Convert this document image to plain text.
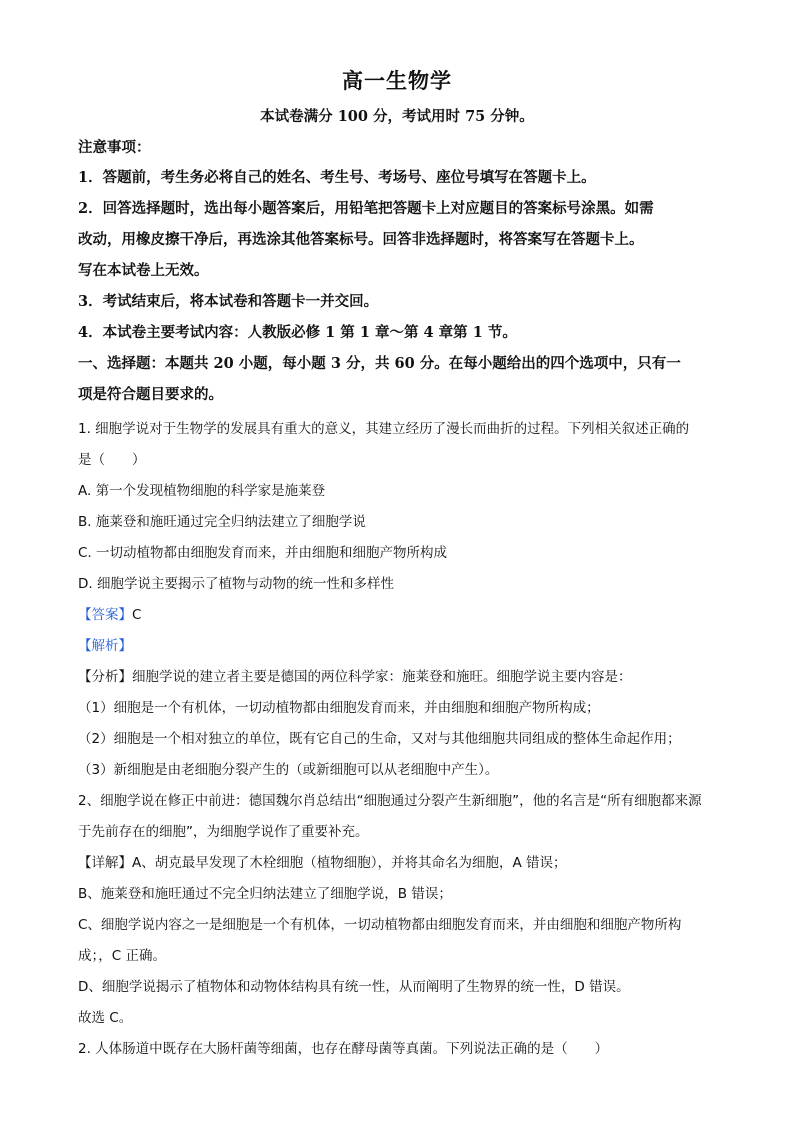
高一生物学
本试卷满分 100 分，考试用时 75 分钟。
注意事项：
1．答题前，考生务必将自己的姓名、考生号、考场号、座位号填写在答题卡上。
2．回答选择题时，选出每小题答案后，用铅笔把答题卡上对应题目的答案标号涂黑。如需
改动，用橡皮擦干净后，再选涂其他答案标号。回答非选择题时，将答案写在答题卡上。
写在本试卷上无效。
3．考试结束后，将本试卷和答题卡一并交回。
4．本试卷主要考试内容：人教版必修 1 第 1 章～第 4 章第 1 节。
一、选择题：本题共 20 小题，每小题 3 分，共 60 分。在每小题给出的四个选项中，只有一
项是符合题目要求的。
1. 细胞学说对于生物学的发展具有重大的意义，其建立经历了漫长而曲折的过程。下列相关叙述正确的
是（　　）
A. 第一个发现植物细胞的科学家是施莱登
B. 施莱登和施旺通过完全归纳法建立了细胞学说
C. 一切动植物都由细胞发育而来，并由细胞和细胞产物所构成
D. 细胞学说主要揭示了植物与动物的统一性和多样性
【答案】C
【解析】
【分析】细胞学说的建立者主要是德国的两位科学家：施莱登和施旺。细胞学说主要内容是：
（1）细胞是一个有机体，一切动植物都由细胞发育而来，并由细胞和细胞产物所构成；
（2）细胞是一个相对独立的单位，既有它自己的生命，又对与其他细胞共同组成的整体生命起作用；
（3）新细胞是由老细胞分裂产生的（或新细胞可以从老细胞中产生）。
2、细胞学说在修正中前进：德国魏尔肖总结出“细胞通过分裂产生新细胞”，他的名言是“所有细胞都来源
于先前存在的细胞”，为细胞学说作了重要补充。
【详解】A、胡克最早发现了木栓细胞（植物细胞），并将其命名为细胞，A 错误；
B、施莱登和施旺通过不完全归纳法建立了细胞学说，B 错误；
C、细胞学说内容之一是细胞是一个有机体，一切动植物都由细胞发育而来，并由细胞和细胞产物所构
成；，C 正确。
D、细胞学说揭示了植物体和动物体结构具有统一性，从而阐明了生物界的统一性，D 错误。
故选 C。
2. 人体肠道中既存在大肠杆菌等细菌，也存在酵母菌等真菌。下列说法正确的是（　　）
